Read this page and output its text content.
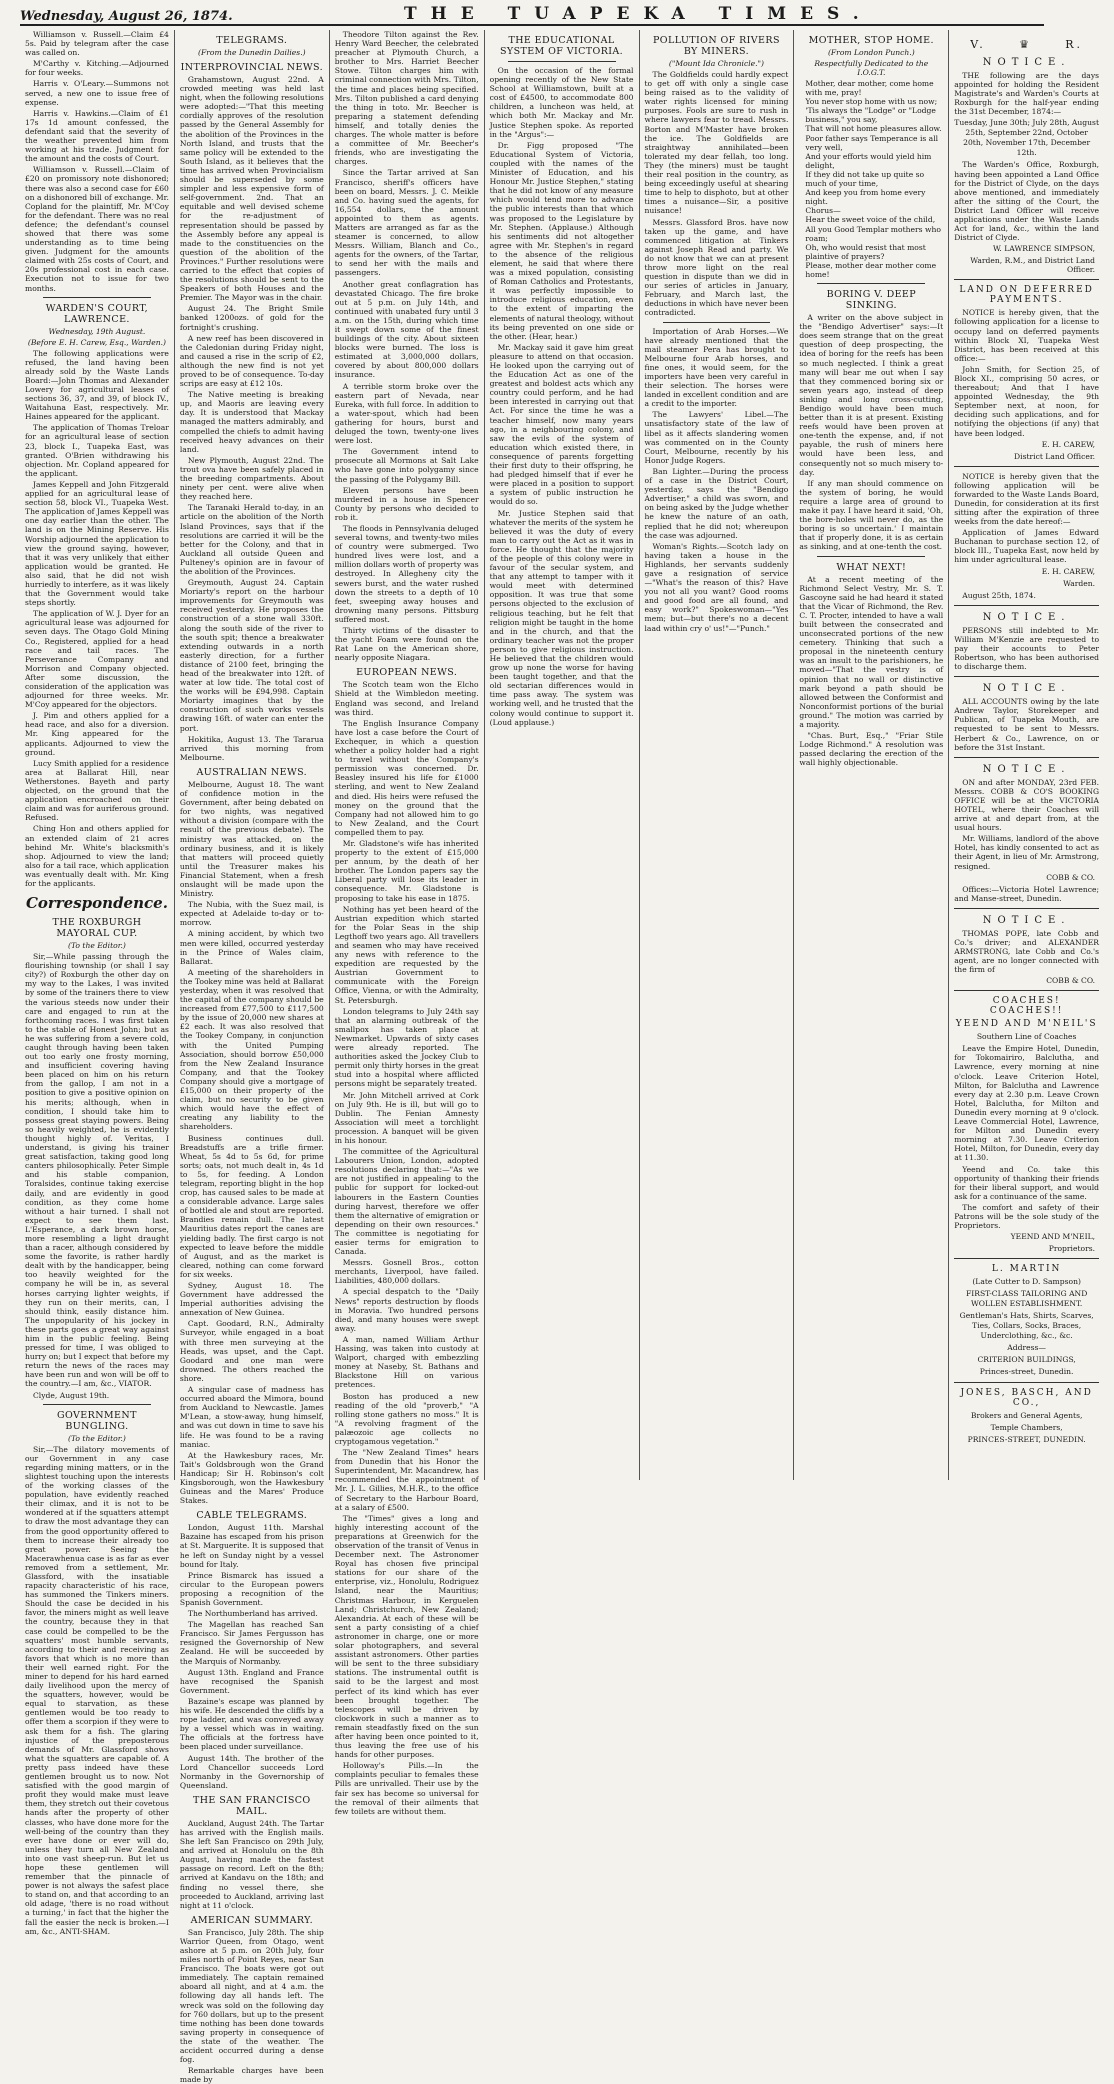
Wednesday, August 26, 1874.	THE TUAPEKA TIMES.

Williamson v. Russell.—Claim £4 5s. Paid by telegram after the case was called on.

M'Carthy v. Kitching.—Adjourned for four weeks.

Harris v. O'Leary.—Summons not served, a new one to issue free of expense.

Harris v. Hawkins.—Claim of £1 17s 1d amount confessed, the defendant said that the severity of the weather prevented him from working at his trade. Judgment for the amount and the costs of Court.

Williamson v. Russell.—Claim of £20 on promissory note dishonored; there was also a second case for £60 on a dishonored bill of exchange. Mr. Copland for the plaintiff, Mr. M'Coy for the defendant. There was no real defence; the defendant's counsel showed that there was some understanding as to time being given. Judgment for the amounts claimed with 25s costs of Court, and 20s professional cost in each case. Execution not to issue for two months.

WARDEN'S COURT, LAWRENCE.
Wednesday, 19th August.
(Before E. H. Carew, Esq., Warden.)

The following applications were refused, the land having been already sold by the Waste Lands Board:—John Thomas and Alexander Lowery for agricultural leases of sections 36, 37, and 39, of block IV., Waitahuna East, respectively. Mr. Haines appeared for the applicant.

The application of Thomas Treloar for an agricultural lease of section 23, block I., Tuapeka East, was granted. O'Brien withdrawing his objection. Mr. Copland appeared for the applicant.

James Keppell and John Fitzgerald applied for an agricultural lease of section 58, block VI., Tuapeka West. The application of James Keppell was one day earlier than the other. The land is on the Mining Reserve. His Worship adjourned the application to view the ground saying, however, that it was very unlikely that either application would be granted. He also said, that he did not wish hurriedly to interfere, as it was likely that the Government would take steps shortly.

The application of W. J. Dyer for an agricultural lease was adjourned for seven days. The Otago Gold Mining Co., Registered, applied for a head race and tail races. The Perseverance Company and Morrison and Company objected. After some discussion, the consideration of the application was adjourned for three weeks. Mr. M'Coy appeared for the objectors.

J. Pim and others applied for a head race, and also for a diversion. Mr. King appeared for the applicants. Adjourned to view the ground.

Lucy Smith applied for a residence area at Ballarat Hill, near Wetherstones. Bayeth and party objected, on the ground that the application encroached on their claim and was for auriferous ground. Refused.

Ching Hon and others applied for an extended claim of 21 acres behind Mr. White's blacksmith's shop. Adjourned to view the land; also for a tail race, which application was eventually dealt with. Mr. King for the applicants.

Correspondence.
THE ROXBURGH MAYORAL CUP.
(To the Editor.)

Sir,—While passing through the flourishing township (or shall I say city?) of Roxburgh the other day on my way to the Lakes, I was invited by some of the trainers there to view the various steeds now under their care and engaged to run at the forthcoming races. I was first taken to the stable of Honest John; but as he was suffering from a severe cold, caught through having been taken out too early one frosty morning, and insufficient covering having been placed on him on his return from the gallop, I am not in a position to give a positive opinion on his merits; although, when in condition, I should take him to possess great staying powers. Being so heavily weighted, he is evidently thought highly of. Veritas, I understand, is giving his trainer great satisfaction, taking good long canters philosophically. Peter Simple and his stable companion, Toralsides, continue taking exercise daily, and are evidently in good condition, as they come home without a hair turned. I shall not expect to see them last. L'Esperance, a dark brown horse, more resembling a light draught than a racer, although considered by some the favorite, is rather hardly dealt with by the handicapper, being too heavily weighted for the company he will be in, as several horses carrying lighter weights, if they run on their merits, can, I should think, easily distance him. The unpopularity of his jockey in these parts goes a great way against him in the public feeling. Being pressed for time, I was obliged to hurry on; but I expect that before my return the news of the races may have been run and won will be off to the country.—I am, &c., VIATOR.

Clyde, August 19th.

GOVERNMENT BUNGLING.
(To the Editor.)

Sir,—The dilatory movements of our Government in any case regarding mining matters, or in the slightest touching upon the interests of the working classes of the population, have evidently reached their climax, and it is not to be wondered at if the squatters attempt to draw the most advantage they can from the good opportunity offered to them to increase their already too great power. Seeing the Macerawhenua case is as far as ever removed from a settlement, Mr. Glassford, with the insatiable rapacity characteristic of his race, has summoned the Tinkers miners. Should the case be decided in his favor, the miners might as well leave the country, because they in that case could be compelled to be the squatters' most humble servants, according to their and receiving as favors that which is no more than their well earned right. For the miner to depend for his hard earned daily livelihood upon the mercy of the squatters, however, would be equal to starvation, as these gentlemen would be too ready to offer them a scorpion if they were to ask them for a fish. The glaring injustice of the preposterous demands of Mr. Glassford shows what the squatters are capable of. A pretty pass indeed have these gentlemen brought us to now. Not satisfied with the good margin of profit they would make must leave them, they stretch out their covetous hands after the property of other classes, who have done more for the well-being of the country than they ever have done or ever will do, unless they turn all New Zealand into one vast sheep-run. But let us hope these gentlemen will remember that the pinnacle of power is not always the safest place to stand on, and that according to an old adage, 'there is no road without a turning,' in fact that the higher the fall the easier the neck is broken.—I am, &c., ANTI-SHAM.

TELEGRAMS.
(From the Dunedin Dailies.)
INTERPROVINCIAL NEWS.

Grahamstown, August 22nd. A crowded meeting was held last night, when the following resolutions were adopted:—"That this meeting cordially approves of the resolution passed by the General Assembly for the abolition of the Provinces in the North Island, and trusts that the same policy will be extended to the South Island, as it believes that the time has arrived when Provincialism should be superseded by some simpler and less expensive form of self-government. 2nd. That an equitable and well devised scheme for the re-adjustment of representation should be passed by the Assembly before any appeal is made to the constituencies on the question of the abolition of the Provinces." Further resolutions were carried to the effect that copies of the resolutions should be sent to the Speakers of both Houses and the Premier. The Mayor was in the chair.

August 24. The Bright Smile banked 1200ozs. of gold for the fortnight's crushing.

A new reef has been discovered in the Caledonian during Friday night, and caused a rise in the scrip of £2, although the new find is not yet proved to be of consequence. To-day scrips are easy at £12 10s.

The Native meeting is breaking up, and Maoris are leaving every day. It is understood that Mackay managed the matters admirably, and compelled the chiefs to admit having received heavy advances on their land.

New Plymouth, August 22nd. The trout ova have been safely placed in the breeding compartments. About ninety per cent. were alive when they reached here.

The Taranaki Herald to-day, in an article on the abolition of the North Island Provinces, says that if the resolutions are carried it will be the better for the Colony, and that in Auckland all outside Queen and Pulteney's opinion are in favour of the abolition of the Provinces.

Greymouth, August 24. Captain Moriarty's report on the harbour improvements for Greymouth was received yesterday. He proposes the construction of a stone wall 330ft. along the south side of the river to the south spit; thence a breakwater extending outwards in a north easterly direction, for a further distance of 2100 feet, bringing the head of the breakwater into 12ft. of water at low tide. The total cost of the works will be £94,998. Captain Moriarty imagines that by the construction of such works vessels drawing 16ft. of water can enter the port.

Hokitika, August 13. The Tararua arrived this morning from Melbourne.

AUSTRALIAN NEWS.

Melbourne, August 18. The want of confidence motion in the Government, after being debated on for two nights, was negatived without a division (compare with the result of the previous debate). The ministry was attacked, on the ordinary business, and it is likely that matters will proceed quietly until the Treasurer makes his Financial Statement, when a fresh onslaught will be made upon the Ministry.

The Nubia, with the Suez mail, is expected at Adelaide to-day or to-morrow.

A mining accident, by which two men were killed, occurred yesterday in the Prince of Wales claim, Ballarat.

A meeting of the shareholders in the Tookey mine was held at Ballarat yesterday, when it was resolved that the capital of the company should be increased from £77,500 to £117,500 by the issue of 20,000 new shares at £2 each. It was also resolved that the Tookey Company, in conjunction with the United Pumping Association, should borrow £50,000 from the New Zealand Insurance Company, and that the Tookey Company should give a mortgage of £15,000 on their property of the claim, but no security to be given which would have the effect of creating any liability to the shareholders.

Business continues dull. Breadstuffs are a trifle firmer. Wheat, 5s 4d to 5s 6d, for prime sorts; oats, not much dealt in, 4s 1d to 5s, for feeding. A London telegram, reporting blight in the hop crop, has caused sales to be made at a considerable advance. Large sales of bottled ale and stout are reported. Brandies remain dull. The latest Mauritius dates report the canes are yielding badly. The first cargo is not expected to leave before the middle of August, and as the market is cleared, nothing can come forward for six weeks.

Sydney, August 18. The Government have addressed the Imperial authorities advising the annexation of New Guinea.

Capt. Goodard, R.N., Admiralty Surveyor, while engaged in a boat with three men surveying at the Heads, was upset, and the Capt. Goodard and one man were drowned. The others reached the shore.

A singular case of madness has occurred aboard the Mimora, bound from Auckland to Newcastle. James M'Lean, a stow-away, hung himself, and was cut down in time to save his life. He was found to be a raving maniac.

At the Hawkesbury races, Mr. Tait's Goldsbrough won the Grand Handicap; Sir H. Robinson's colt Kingsborough, won the Hawkesbury Guineas and the Mares' Produce Stakes.

CABLE TELEGRAMS.

London, August 11th. Marshal Bazaine has escaped from his prison at St. Marguerite. It is supposed that he left on Sunday night by a vessel bound for Italy.

Prince Bismarck has issued a circular to the European powers proposing a recognition of the Spanish Government.

The Northumberland has arrived.

The Magellan has reached San Francisco. Sir James Fergusson has resigned the Governorship of New Zealand. He will be succeeded by the Marquis of Normanby.

August 13th. England and France have recognised the Spanish Government.

Bazaine's escape was planned by his wife. He descended the cliffs by a rope ladder, and was conveyed away by a vessel which was in waiting. The officials at the fortress have been placed under surveillance.

August 14th. The brother of the Lord Chancellor succeeds Lord Normanby in the Governorship of Queensland.

THE SAN FRANCISCO MAIL.

Auckland, August 24th. The Tartar has arrived with the English mails. She left San Francisco on 29th July, and arrived at Honolulu on the 8th August, having made the fastest passage on record. Left on the 8th; arrived at Kandavu on the 18th; and finding no vessel there, she proceeded to Auckland, arriving last night at 11 o'clock.

AMERICAN SUMMARY.

San Francisco, July 28th. The ship Warrior Queen, from Otago, went ashore at 5 p.m. on 20th July, four miles north of Point Reyes, near San Francisco. The boats were got out immediately. The captain remained aboard all night, and at 4 a.m. the following day all hands left. The wreck was sold on the following day for 760 dollars, but up to the present time nothing has been done towards saving property in consequence of the state of the weather. The accident occurred during a dense fog.

Remarkable charges have been made by

Theodore Tilton against the Rev. Henry Ward Beecher, the celebrated preacher at Plymouth Church, a brother to Mrs. Harriet Beecher Stowe. Tilton charges him with criminal connection with Mrs. Tilton, the time and places being specified. Mrs. Tilton published a card denying the thing in toto. Mr. Beecher is preparing a statement defending himself, and totally denies the charges. The whole matter is before a committee of Mr. Beecher's friends, who are investigating the charges.

Since the Tartar arrived at San Francisco, sheriff's officers have been on board, Messrs. J. C. Meikle and Co. having sued the agents, for 16,554 dollars, the amount appointed to them as agents. Matters are arranged as far as the steamer is concerned, to allow Messrs. William, Blanch and Co., agents for the owners, of the Tartar, to send her with the mails and passengers.

Another great conflagration has devastated Chicago. The fire broke out at 5 p.m. on July 14th, and continued with unabated fury until 3 a.m. on the 15th, during which time it swept down some of the finest buildings of the city. About sixteen blocks were burned. The loss is estimated at 3,000,000 dollars, covered by about 800,000 dollars insurance.

A terrible storm broke over the eastern part of Nevada, near Eureka, with full force. In addition to a water-spout, which had been gathering for hours, burst and deluged the town, twenty-one lives were lost.

The Government intend to prosecute all Mormons at Salt Lake who have gone into polygamy since the passing of the Polygamy Bill.

Eleven persons have been murdered in a house in Spencer County by persons who decided to rob it.

The floods in Pennsylvania deluged several towns, and twenty-two miles of country were submerged. Two hundred lives were lost, and a million dollars worth of property was destroyed. In Allegheny city the sewers burst, and the water rushed down the streets to a depth of 10 feet, sweeping away houses and drowning many persons. Pittsburg suffered most.

Thirty victims of the disaster to the yacht Foam were found on the Rat Lane on the American shore, nearly opposite Niagara.

EUROPEAN NEWS.

The Scotch team won the Elcho Shield at the Wimbledon meeting. England was second, and Ireland was third.

The English Insurance Company have lost a case before the Court of Exchequer, in which a question whether a policy holder had a right to travel without the Company's permission was concerned. Dr. Beasley insured his life for £1000 sterling, and went to New Zealand and died. His heirs were refused the money on the ground that the Company had not allowed him to go to New Zealand, and the Court compelled them to pay.

Mr. Gladstone's wife has inherited property to the extent of £15,000 per annum, by the death of her brother. The London papers say the Liberal party will lose its leader in consequence. Mr. Gladstone is proposing to take his ease in 1875.

Nothing has yet been heard of the Austrian expedition which started for the Polar Seas in the ship Legthoff two years ago. All travellers and seamen who may have received any news with reference to the expedition are requested by the Austrian Government to communicate with the Foreign Office, Vienna, or with the Admiralty, St. Petersburgh.

London telegrams to July 24th say that an alarming outbreak of the smallpox has taken place at Newmarket. Upwards of sixty cases were already reported. The authorities asked the Jockey Club to permit only thirty horses in the great stud into a hospital where afflicted persons might be separately treated.

Mr. John Mitchell arrived at Cork on July 9th. He is ill, but will go to Dublin. The Fenian Amnesty Association will meet a torchlight procession. A banquet will be given in his honour.

The committee of the Agricultural Labourers Union, London, adopted resolutions declaring that:—"As we are not justified in appealing to the public for support for locked-out labourers in the Eastern Counties during harvest, therefore we offer them the alternative of emigration or depending on their own resources." The committee is negotiating for easier terms for emigration to Canada.

Messrs. Gosnell Bros., cotton merchants, Liverpool, have failed. Liabilities, 480,000 dollars.

A special despatch to the "Daily News" reports destruction by floods in Moravia. Two hundred persons died, and many houses were swept away.

A man, named William Arthur Hassing, was taken into custody at Walport, charged with embezzling money at Naseby, St. Bathans and Blackstone Hill on various pretences.

Boston has produced a new reading of the old "proverb," "A rolling stone gathers no moss." It is "A revolving fragment of the palæozoic age collects no cryptogamous vegetation."

The "New Zealand Times" hears from Dunedin that his Honor the Superintendent, Mr. Macandrew, has recommended the appointment of Mr. J. L. Gillies, M.H.R., to the office of Secretary to the Harbour Board, at a salary of £500.

The "Times" gives a long and highly interesting account of the preparations at Greenwich for the observation of the transit of Venus in December next. The Astronomer Royal has chosen five principal stations for our share of the enterprise, viz., Honolulu, Rodriguez Island, near the Mauritius; Christmas Harbour, in Kerguelen Land; Christchurch, New Zealand; Alexandria. At each of these will be sent a party consisting of a chief astronomer in charge, one or more solar photographers, and several assistant astronomers. Other parties will be sent to the three subsidiary stations. The instrumental outfit is said to be the largest and most perfect of its kind which has ever been brought together. The telescopes will be driven by clockwork in such a manner as to remain steadfastly fixed on the sun after having been once pointed to it, thus leaving the free use of his hands for other purposes.

Holloway's Pills.—In the complaints peculiar to females these Pills are unrivalled. Their use by the fair sex has become so universal for the removal of their ailments that few toilets are without them.

THE EDUCATIONAL SYSTEM OF VICTORIA.

On the occasion of the formal opening recently of the New State School at Williamstown, built at a cost of £4500, to accommodate 800 children, a luncheon was held, at which both Mr. Mackay and Mr. Justice Stephen spoke. As reported in the "Argus":—

Dr. Figg proposed "The Educational System of Victoria, coupled with the names of the Minister of Education, and his Honour Mr. Justice Stephen," stating that he did not know of any measure which would tend more to advance the public interests than that which was proposed to the Legislature by Mr. Stephen. (Applause.) Although his sentiments did not altogether agree with Mr. Stephen's in regard to the absence of the religious element, he said that where there was a mixed population, consisting of Roman Catholics and Protestants, it was perfectly impossible to introduce religious education, even to the extent of imparting the elements of natural theology, without its being prevented on one side or the other. (Hear, hear.)

Mr. Mackay said it gave him great pleasure to attend on that occasion. He looked upon the carrying out of the Education Act as one of the greatest and boldest acts which any country could perform, and he had been interested in carrying out that Act. For since the time he was a teacher himself, now many years ago, in a neighbouring colony, and saw the evils of the system of education which existed there, in consequence of parents forgetting their first duty to their offspring, he had pledged himself that if ever he were placed in a position to support a system of public instruction he would do so.

Mr. Justice Stephen said that whatever the merits of the system he believed it was the duty of every man to carry out the Act as it was in force. He thought that the majority of the people of this colony were in favour of the secular system, and that any attempt to tamper with it would meet with determined opposition. It was true that some persons objected to the exclusion of religious teaching, but he felt that religion might be taught in the home and in the church, and that the ordinary teacher was not the proper person to give religious instruction. He believed that the children would grow up none the worse for having been taught together, and that the old sectarian differences would in time pass away. The system was working well, and he trusted that the colony would continue to support it. (Loud applause.)

POLLUTION OF RIVERS BY MINERS.
("Mount Ida Chronicle.")

The Goldfields could hardly expect to get off with only a single case being raised as to the validity of water rights licensed for mining purposes. Fools are sure to rush in where lawyers fear to tread. Messrs. Borton and M'Master have broken the ice. The Goldfields are straightway annihilated—been tolerated my dear fellah, too long. They (the miners) must be taught their real position in the country, as being exceedingly useful at shearing time to help to disphoto, but at other times a nuisance—Sir, a positive nuisance!

Messrs. Glassford Bros. have now taken up the game, and have commenced litigation at Tinkers against Joseph Read and party. We do not know that we can at present throw more light on the real question in dispute than we did in our series of articles in January, February, and March last, the deductions in which have never been contradicted.

Importation of Arab Horses.—We have already mentioned that the mail steamer Pera has brought to Melbourne four Arab horses, and fine ones, it would seem, for the importers have been very careful in their selection. The horses were landed in excellent condition and are a credit to the importer.

The Lawyers' Libel.—The unsatisfactory state of the law of libel as it affects slandering women was commented on in the County Court, Melbourne, recently by his Honor Judge Rogers.

Ban Lighter.—During the process of a case in the District Court, yesterday, says the "Bendigo Advertiser," a child was sworn, and on being asked by the Judge whether he knew the nature of an oath, replied that he did not; whereupon the case was adjourned.

Woman's Rights.—Scotch lady on having taken a house in the Highlands, her servants suddenly gave a resignation of service—"What's the reason of this? Have you not all you want? Good rooms and good food are all found, and easy work?" Spokeswoman—"Yes mem; but—but there's no a decent laad within cry o' us!"—"Punch."

MOTHER, STOP HOME.
(From London Punch.)
Respectfully Dedicated to the I.O.G.T.
Mother, dear mother, come home with me, pray!
You never stop home with us now;
'Tis always the "Lodge" or "Lodge business," you say,
That will not home pleasures allow.
Poor father says Temperance is all very well,
And your efforts would yield him delight,
If they did not take up quite so much of your time,
And keep you from home every night.
Chorus—
Hear the sweet voice of the child,
All you Good Templar mothers who roam;
Oh, who would resist that most plaintive of prayers?
Please, mother dear mother come home!
BORING V. DEEP SINKING.

A writer on the above subject in the "Bendigo Advertiser" says:—It does seem strange that on the great question of deep prospecting, the idea of boring for the reefs has been so much neglected. I think a great many will bear me out when I say that they commenced boring six or seven years ago, instead of deep sinking and long cross-cutting, Bendigo would have been much better than it is at present. Existing reefs would have been proven at one-tenth the expense, and, if not payable, the rush of miners here would have been less, and consequently not so much misery to-day.

If any man should commence on the system of boring, he would require a large area of ground to make it pay. I have heard it said, 'Oh, the bore-holes will never do, as the boring is so uncertain.' I maintain that if properly done, it is as certain as sinking, and at one-tenth the cost.

WHAT NEXT!

At a recent meeting of the Richmond Select Vestry, Mr. S. T. Gascoyne said he had heard it stated that the Vicar of Richmond, the Rev. C. T. Procter, intended to have a wall built between the consecrated and unconsecrated portions of the new cemetery. Thinking that such a proposal in the nineteenth century was an insult to the parishioners, he moved—"That the vestry is of opinion that no wall or distinctive mark beyond a path should be allowed between the Conformist and Nonconformist portions of the burial ground." The motion was carried by a majority.

"Chas. Burt, Esq.," "Friar Stile Lodge Richmond." A resolution was passed declaring the erection of the wall highly objectionable.

V.	♛	R.
NOTICE.

THE following are the days appointed for holding the Resident Magistrate's and Warden's Courts at Roxburgh for the half-year ending the 31st December, 1874:—

Tuesday, June 30th; July 28th, August 25th, September 22nd, October 20th, November 17th, December 12th.

The Warden's Office, Roxburgh, having been appointed a Land Office for the District of Clyde, on the days above mentioned, and immediately after the sitting of the Court, the District Land Officer will receive applications under the Waste Lands Act for land, &c., within the land District of Clyde.

W. LAWRENCE SIMPSON,
Warden, R.M., and District Land Officer.
LAND ON DEFERRED PAYMENTS.

NOTICE is hereby given, that the following application for a license to occupy land on deferred payments within Block XI, Tuapeka West District, has been received at this office:—

John Smith, for Section 25, of Block XI., comprising 50 acres, or thereabout; And that I have appointed Wednesday, the 9th September next, at noon, for deciding such applications, and for notifying the objections (if any) that have been lodged.

E. H. CAREW,
District Land Officer.

NOTICE is hereby given that the following application will be forwarded to the Waste Lands Board, Dunedin, for consideration at its first sitting after the expiration of three weeks from the date hereof:—

Application of James Edward Buchanan to purchase section 12, of block III., Tuapeka East, now held by him under agricultural lease.

E. H. CAREW,
Warden.

August 25th, 1874.

NOTICE.

PERSONS still indebted to Mr. William M'Kenzie are requested to pay their accounts to Peter Robertson, who has been authorised to discharge them.

NOTICE.

ALL ACCOUNTS owing by the late Andrew Taylor, Storekeeper and Publican, of Tuapeka Mouth, are requested to be sent to Messrs. Herbert & Co., Lawrence, on or before the 31st Instant.

NOTICE.

ON and after MONDAY, 23rd FEB. Messrs. COBB & CO'S BOOKING OFFICE will be at the VICTORIA HOTEL, where their Coaches will arrive at and depart from, at the usual hours.

Mr. Williams, landlord of the above Hotel, has kindly consented to act as their Agent, in lieu of Mr. Armstrong, resigned.

COBB & CO.

Offices:—Victoria Hotel Lawrence; and Manse-street, Dunedin.

NOTICE.

THOMAS POPE, late Cobb and Co.'s driver; and ALEXANDER ARMSTRONG, late Cobb and Co.'s agent, are no longer connected with the firm of

COBB & CO.
COACHES! COACHES!!
YEEND AND M'NEIL'S
Southern Line of Coaches

Leave the Empire Hotel, Dunedin, for Tokomairiro, Balclutha, and Lawrence, every morning at nine o'clock. Leave Criterion Hotel, Milton, for Balclutha and Lawrence every day at 2.30 p.m. Leave Crown Hotel, Balclutha, for Milton and Dunedin every morning at 9 o'clock. Leave Commercial Hotel, Lawrence, for Milton and Dunedin every morning at 7.30. Leave Criterion Hotel, Milton, for Dunedin, every day at 11.30.

Yeend and Co. take this opportunity of thanking their friends for their liberal support, and would ask for a continuance of the same.

The comfort and safety of their Patrons will be the sole study of the Proprietors.

YEEND AND M'NEIL,
Proprietors.
L. MARTIN
(Late Cutter to D. Sampson)
FIRST-CLASS TAILORING AND WOLLEN ESTABLISHMENT.
Gentleman's Hats, Shirts, Scarves, Ties, Collars, Socks, Braces, Underclothing, &c., &c.
Address—
CRITERION BUILDINGS,
Princes-street, Dunedin.
JONES, BASCH, AND CO.,
Brokers and General Agents,
Temple Chambers,
PRINCES-STREET, DUNEDIN.
